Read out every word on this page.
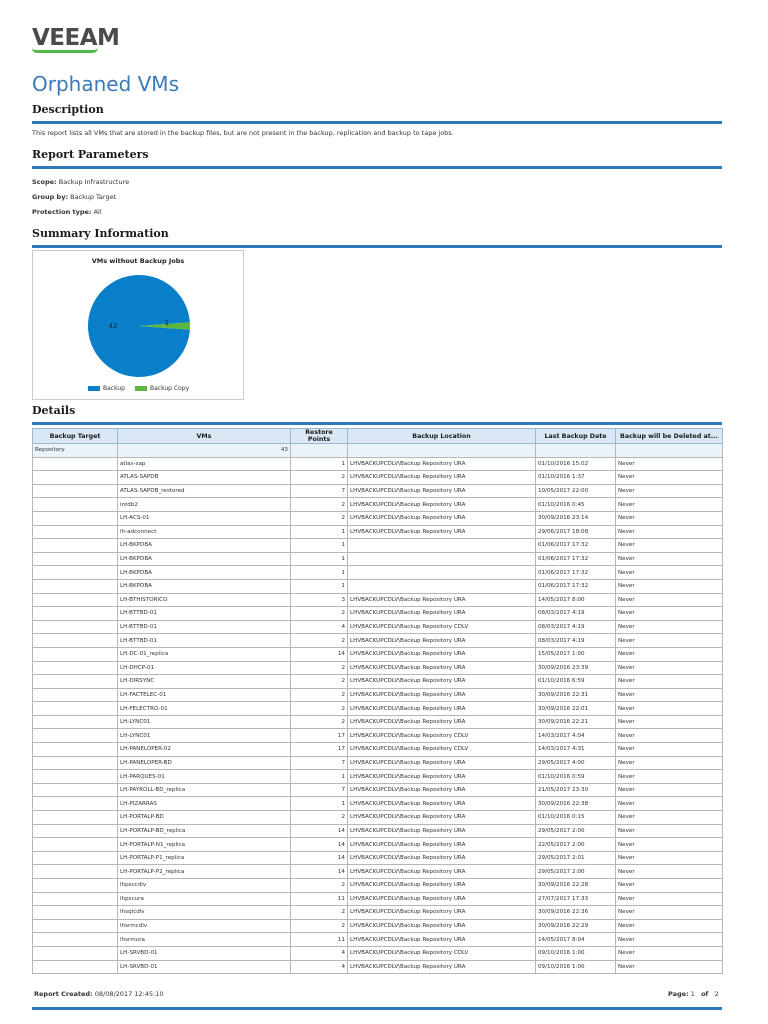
VEEAM
Orphaned VMs
Description
This report lists all VMs that are stored in the backup files, but are not present in the backup, replication and backup to tape jobs.
Report Parameters
Scope: Backup Infrastructure
Group by: Backup Target
Protection type: All
Summary Information
VMs without Backup Jobs
42	1
Backup	Backup Copy
Details
Backup Target	VMs	Restore Points	Backup Location	Last Backup Date	Backup will be Deleted at...
Repository	43				
	atlas-sap	1	LHVBACKUPCDLV\Backup Repository URA	01/10/2016 15:02	Never
	ATLAS-SAPDB	2	LHVBACKUPCDLV\Backup Repository URA	01/10/2016 1:37	Never
	ATLAS-SAPDB_restored	7	LHVBACKUPCDLV\Backup Repository URA	10/05/2017 22:00	Never
	intdb2	2	LHVBACKUPCDLV\Backup Repository URA	01/10/2016 0:45	Never
	LH-ACS-01	2	LHVBACKUPCDLV\Backup Repository URA	30/09/2016 23:14	Never
	lh-adconnect	1	LHVBACKUPCDLV\Backup Repository URA	29/06/2017 18:08	Never
	LH-BKPDBA	1		01/06/2017 17:32	Never
	LH-BKPDBA	1		01/06/2017 17:32	Never
	LH-BKPDBA	1		01/06/2017 17:32	Never
	LH-BKPDBA	1		01/06/2017 17:32	Never
	LH-BTHISTORICO	3	LHVBACKUPCDLV\Backup Repository URA	14/05/2017 8:00	Never
	LH-BTTBD-01	2	LHVBACKUPCDLV\Backup Repository URA	08/03/2017 4:19	Never
	LH-BTTBD-01	4	LHVBACKUPCDLV\Backup Repository CDLV	08/03/2017 4:19	Never
	LH-BTTBD-01	2	LHVBACKUPCDLV\Backup Repository URA	08/03/2017 4:19	Never
	LH-DC-01_replica	14	LHVBACKUPCDLV\Backup Repository URA	15/05/2017 1:00	Never
	LH-DHCP-01	2	LHVBACKUPCDLV\Backup Repository URA	30/09/2016 23:39	Never
	LH-DIRSYNC	2	LHVBACKUPCDLV\Backup Repository URA	01/10/2016 6:59	Never
	LH-FACTELEC-01	2	LHVBACKUPCDLV\Backup Repository URA	30/09/2016 22:31	Never
	LH-FELECTRO-01	2	LHVBACKUPCDLV\Backup Repository URA	30/09/2016 22:01	Never
	LH-LYNC01	2	LHVBACKUPCDLV\Backup Repository URA	30/09/2016 22:21	Never
	LH-LYNC01	17	LHVBACKUPCDLV\Backup Repository CDLV	14/03/2017 4:04	Never
	LH-PANELOPER-02	17	LHVBACKUPCDLV\Backup Repository CDLV	14/03/2017 4:31	Never
	LH-PANELOPER-BD	7	LHVBACKUPCDLV\Backup Repository URA	29/05/2017 4:00	Never
	LH-PARQUES-01	1	LHVBACKUPCDLV\Backup Repository URA	01/10/2016 0:59	Never
	LH-PAYROLL-BD_replica	7	LHVBACKUPCDLV\Backup Repository URA	21/05/2017 23:30	Never
	LH-PIZARRAS	1	LHVBACKUPCDLV\Backup Repository URA	30/09/2016 22:38	Never
	LH-PORTALP-BD	2	LHVBACKUPCDLV\Backup Repository URA	01/10/2016 0:15	Never
	LH-PORTALP-BD_replica	14	LHVBACKUPCDLV\Backup Repository URA	29/05/2017 2:00	Never
	LH-PORTALP-N1_replica	14	LHVBACKUPCDLV\Backup Repository URA	22/05/2017 2:00	Never
	LH-PORTALP-P1_replica	14	LHVBACKUPCDLV\Backup Repository URA	29/05/2017 2:01	Never
	LH-PORTALP-P2_replica	14	LHVBACKUPCDLV\Backup Repository URA	29/05/2017 2:00	Never
	lhpsccdlv	2	LHVBACKUPCDLV\Backup Repository URA	30/09/2016 22:28	Never
	lhpscura	11	LHVBACKUPCDLV\Backup Repository URA	27/07/2017 17:33	Never
	lhsqlcdlv	2	LHVBACKUPCDLV\Backup Repository URA	30/09/2016 22:36	Never
	lhsrmcdlv	2	LHVBACKUPCDLV\Backup Repository URA	30/09/2016 22:29	Never
	lhsrmura	11	LHVBACKUPCDLV\Backup Repository URA	14/05/2017 8:04	Never
	LH-SRVBD-01	4	LHVBACKUPCDLV\Backup Repository CDLV	09/10/2016 1:00	Never
	LH-SRVBD-01	4	LHVBACKUPCDLV\Backup Repository URA	09/10/2016 1:00	Never
Report Created: 08/08/2017 12:45:10	Page: 1 of 2
